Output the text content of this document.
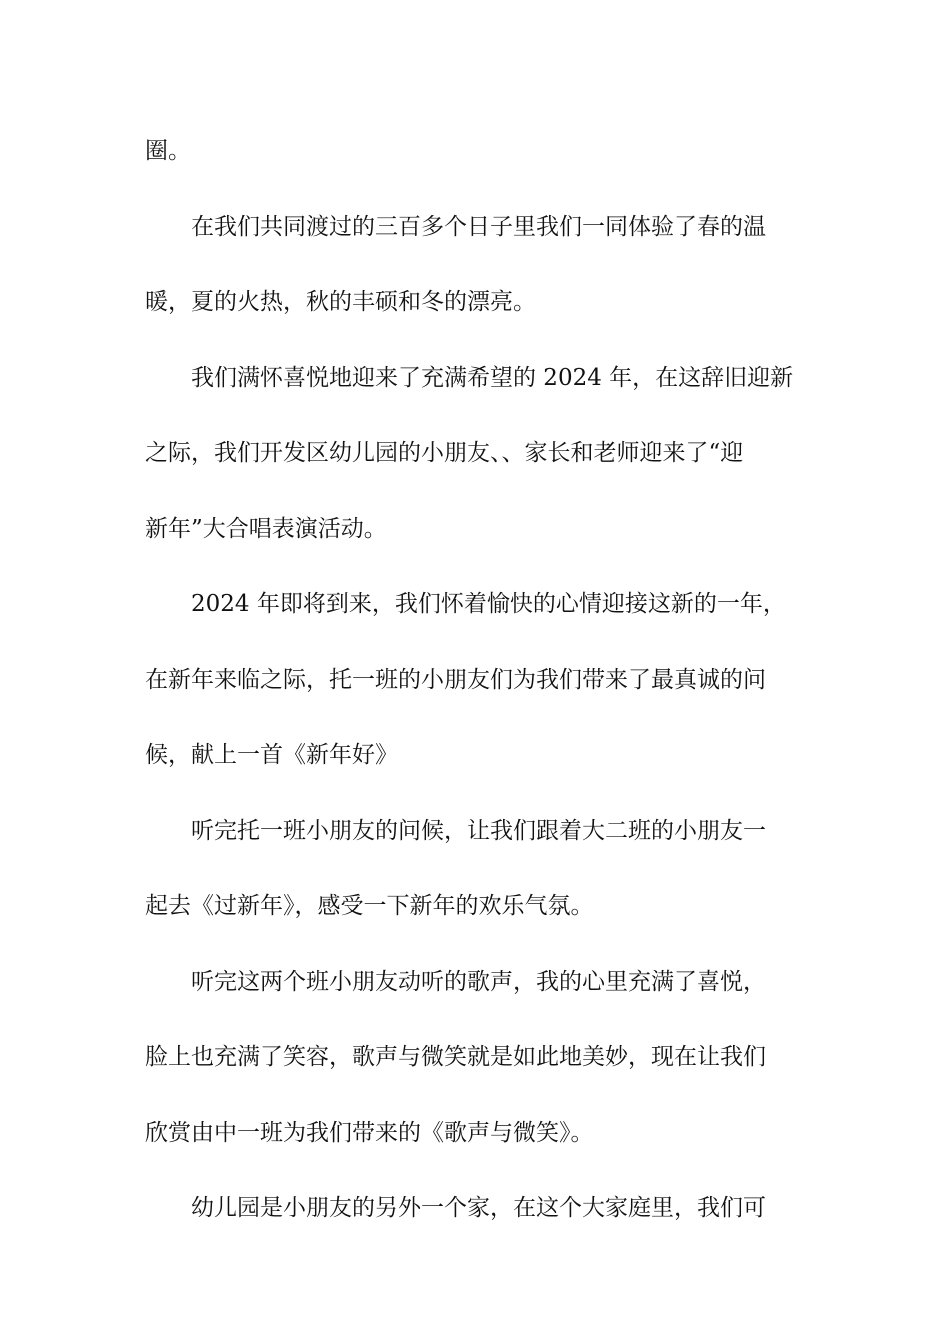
圈。
在我们共同渡过的三百多个日子里我们一同体验了春的温
暖，夏的火热，秋的丰硕和冬的漂亮。
我们满怀喜悦地迎来了充满希望的 2024 年，在这辞旧迎新
之际，我们开发区幼儿园的小朋友、、家长和老师迎来了“迎
新年”大合唱表演活动。
2024 年即将到来，我们怀着愉快的心情迎接这新的一年，
在新年来临之际，托一班的小朋友们为我们带来了最真诚的问
候，献上一首《新年好》
听完托一班小朋友的问候，让我们跟着大二班的小朋友一
起去《过新年》，感受一下新年的欢乐气氛。
听完这两个班小朋友动听的歌声，我的心里充满了喜悦，
脸上也充满了笑容，歌声与微笑就是如此地美妙，现在让我们
欣赏由中一班为我们带来的《歌声与微笑》。
幼儿园是小朋友的另外一个家，在这个大家庭里，我们可
